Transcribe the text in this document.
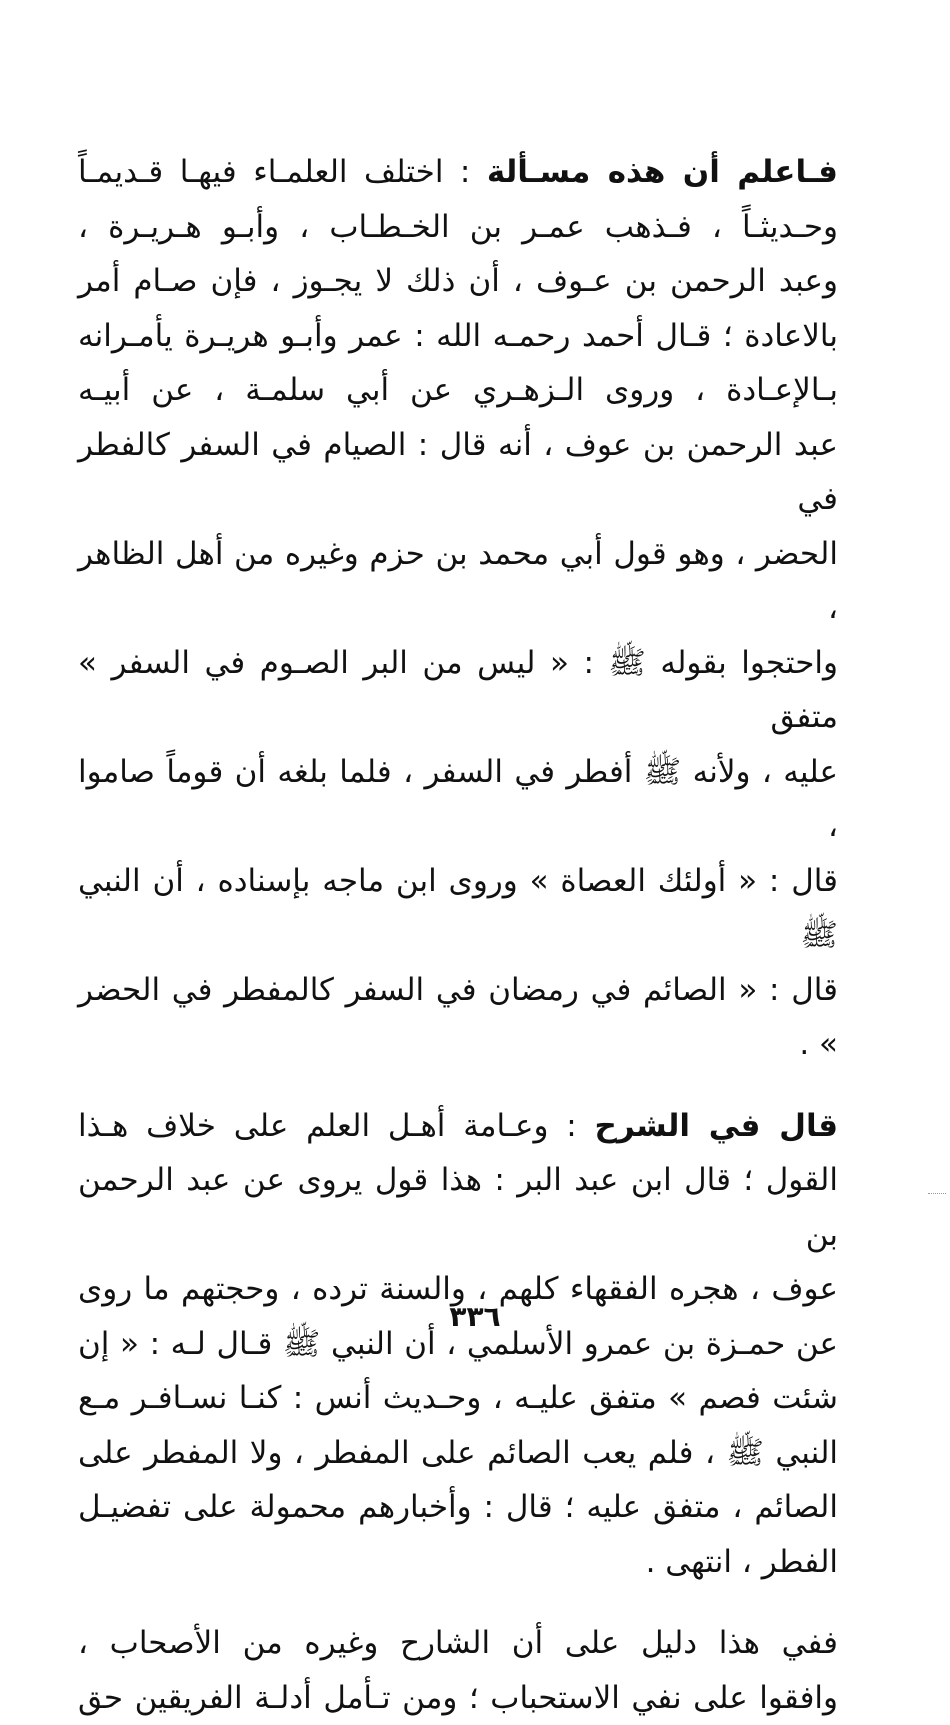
فـاعلم أن هذه مسـألة : اختلف العلمـاء فيهـا قـديمـاً
وحـديثـاً ، فـذهب عمـر بن الخـطـاب ، وأبـو هـريـرة ،
وعبد الرحمن بن عـوف ، أن ذلك لا يجـوز ، فإن صـام أمر
بالاعادة ؛ قـال أحمد رحمـه الله : عمر وأبـو هريـرة يأمـرانه
بـالإعـادة ، وروى الـزهـري عن أبي سلمـة ، عن أبيـه
عبد الرحمن بن عوف ، أنه قال : الصيام في السفر كالفطر في
الحضر ، وهو قول أبي محمد بن حزم وغيره من أهل الظاهر ،
واحتجوا بقوله ﷺ : « ليس من البر الصـوم في السفر » متفق
عليه ، ولأنه ﷺ أفطر في السفر ، فلما بلغه أن قوماً صاموا ،
قال : « أولئك العصاة » وروى ابن ماجه بإسناده ، أن النبي ﷺ
قال : « الصائم في رمضان في السفر كالمفطر في الحضر » .

قال في الشرح : وعـامة أهـل العلم على خلاف هـذا
القول ؛ قال ابن عبد البر : هذا قول يروى عن عبد الرحمن بن
عوف ، هجره الفقهاء كلهم ، والسنة ترده ، وحجتهم ما روى
عن حمـزة بن عمرو الأسلمي ، أن النبي ﷺ قـال لـه : « إن
شئت فصم » متفق عليـه ، وحـديث أنس : كنـا نسـافـر مـع
النبي ﷺ ، فلم يعب الصائم على المفطر ، ولا المفطر على
الصائم ، متفق عليه ؛ قال : وأخبارهم محمولة على تفضيـل
الفطر ، انتهى .

ففي هذا دليل على أن الشارح وغيره من الأصحاب ،
وافقوا على نفي الاستحباب ؛ ومن تـأمل أدلـة الفريقين حق

٣٣٦
